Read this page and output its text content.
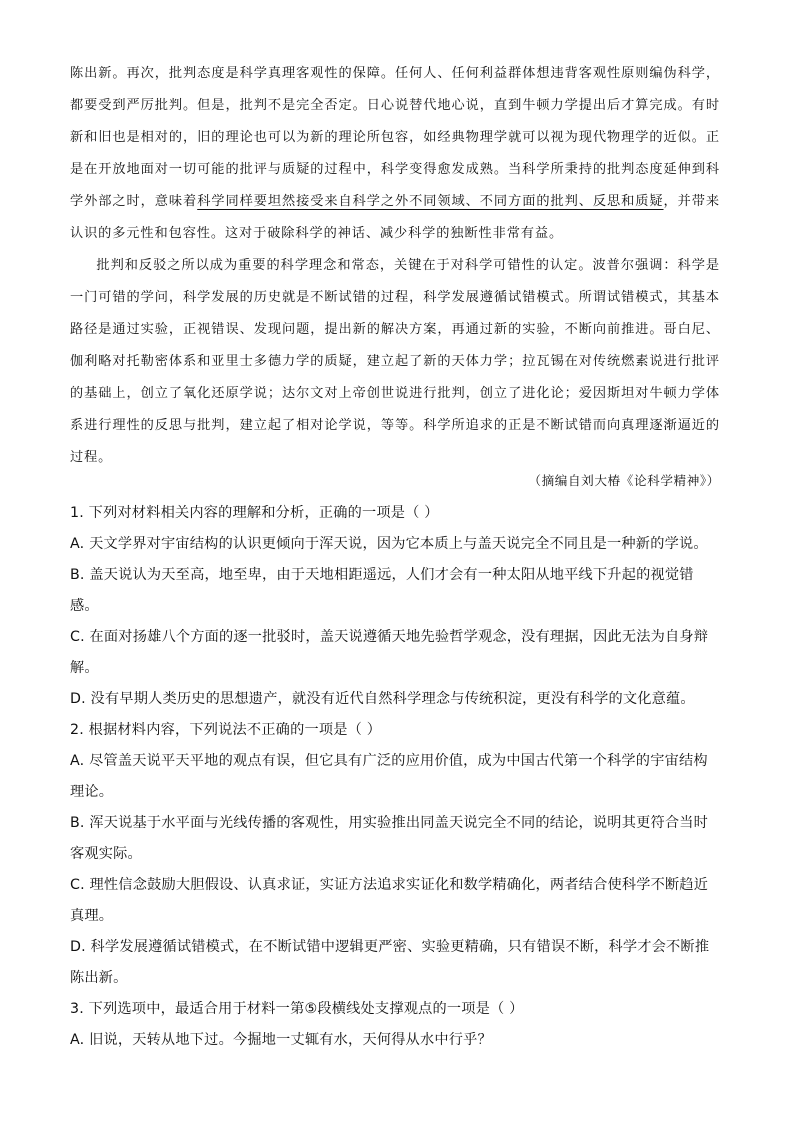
陈出新。再次，批判态度是科学真理客观性的保障。任何人、任何利益群体想违背客观性原则编伪科学，都要受到严厉批判。但是，批判不是完全否定。日心说替代地心说，直到牛顿力学提出后才算完成。有时新和旧也是相对的，旧的理论也可以为新的理论所包容，如经典物理学就可以视为现代物理学的近似。正是在开放地面对一切可能的批评与质疑的过程中，科学变得愈发成熟。当科学所秉持的批判态度延伸到科学外部之时，意味着科学同样要坦然接受来自科学之外不同领域、不同方面的批判、反思和质疑，并带来认识的多元性和包容性。这对于破除科学的神话、减少科学的独断性非常有益。

批判和反驳之所以成为重要的科学理念和常态，关键在于对科学可错性的认定。波普尔强调：科学是一门可错的学问，科学发展的历史就是不断试错的过程，科学发展遵循试错模式。所谓试错模式，其基本路径是通过实验，正视错误、发现问题，提出新的解决方案，再通过新的实验，不断向前推进。哥白尼、伽利略对托勒密体系和亚里士多德力学的质疑，建立起了新的天体力学；拉瓦锡在对传统燃素说进行批评的基础上，创立了氧化还原学说；达尔文对上帝创世说进行批判，创立了进化论；爱因斯坦对牛顿力学体系进行理性的反思与批判，建立起了相对论学说，等等。科学所追求的正是不断试错而向真理逐渐逼近的过程。

（摘编自刘大椿《论科学精神》）

1. 下列对材料相关内容的理解和分析，正确的一项是（ ）

A. 天文学界对宇宙结构的认识更倾向于浑天说，因为它本质上与盖天说完全不同且是一种新的学说。

B. 盖天说认为天至高，地至卑，由于天地相距遥远，人们才会有一种太阳从地平线下升起的视觉错感。

C. 在面对扬雄八个方面的逐一批驳时，盖天说遵循天地先验哲学观念，没有理据，因此无法为自身辩解。

D. 没有早期人类历史的思想遗产，就没有近代自然科学理念与传统积淀，更没有科学的文化意蕴。

2. 根据材料内容，下列说法不正确的一项是（ ）

A. 尽管盖天说平天平地的观点有误，但它具有广泛的应用价值，成为中国古代第一个科学的宇宙结构理论。

B. 浑天说基于水平面与光线传播的客观性，用实验推出同盖天说完全不同的结论，说明其更符合当时客观实际。

C. 理性信念鼓励大胆假设、认真求证，实证方法追求实证化和数学精确化，两者结合使科学不断趋近真理。

D. 科学发展遵循试错模式，在不断试错中逻辑更严密、实验更精确，只有错误不断，科学才会不断推陈出新。

3. 下列选项中，最适合用于材料一第⑤段横线处支撑观点的一项是（ ）

A. 旧说，天转从地下过。今掘地一丈辄有水，天何得从水中行乎？
